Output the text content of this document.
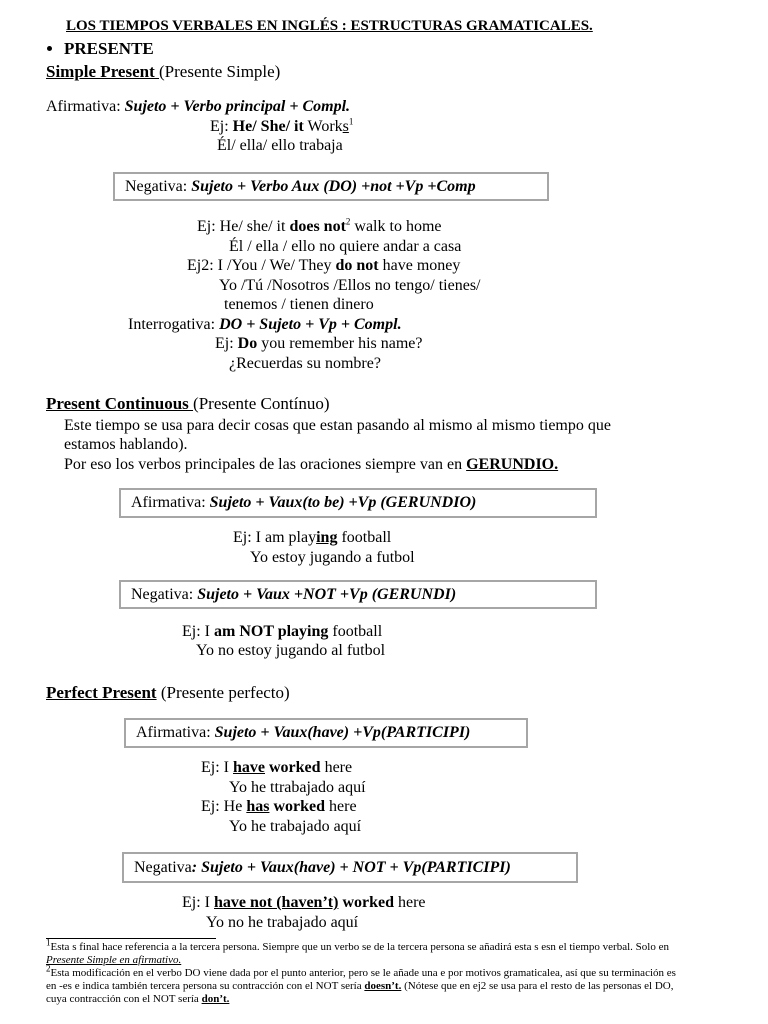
LOS TIEMPOS VERBALES EN INGLÉS : ESTRUCTURAS GRAMATICALES.
PRESENTE
Simple Present (Presente Simple)
Afirmativa: Sujeto + Verbo principal + Compl.
Ej: He/ She/ it Works$^1$
Él/ ella/ ello trabaja
Negativa: Sujeto + Verbo Aux (DO) +not +Vp +Comp
Ej: He/ she/ it does not$^2$ walk to home
Él / ella / ello no quiere andar a casa
Ej2: I /You / We/ They do not have money
Yo /Tú /Nosotros /Ellos no tengo/ tienes/
tenemos / tienen dinero
Interrogativa: DO + Sujeto + Vp + Compl.
Ej: Do you remember his name?
¿Recuerdas su nombre?
Present Continuous (Presente Contínuo)
Este tiempo se usa para decir cosas que estan pasando al mismo al mismo tiempo que
estamos hablando).
Por eso los verbos principales de las oraciones siempre van en GERUNDIO.
Afirmativa: Sujeto + Vaux(to be) +Vp (GERUNDIO)
Ej: I am playing football
Yo estoy jugando a futbol
Negativa: Sujeto + Vaux +NOT +Vp (GERUNDI)
Ej: I am NOT playing football
Yo no estoy jugando al futbol
Perfect Present (Presente perfecto)
Afirmativa: Sujeto + Vaux(have) +Vp(PARTICIPI)
Ej: I have worked here
Yo he ttrabajado aquí
Ej: He has worked here
Yo he trabajado aquí
Negativa : Sujeto + Vaux(have) + NOT + Vp(PARTICIPI)
Ej: I have not (haven’t) worked here
Yo no he trabajado aquí
$^1$Esta s final hace referencia a la tercera persona. Siempre que un verbo se de la tercera persona se añadirá esta s esn el tiempo verbal. Solo en
Presente Simple en afirmativo.
$^2$Esta modificación en el verbo DO viene dada por el punto anterior, pero se le añade una e por motivos gramaticalea, así que su terminación es
en -es e indica también tercera persona su contracción con el NOT sería doesn’t. (Nótese que en ej2 se usa para el resto de las personas el DO,
cuya contracción con el NOT sería don’t.
